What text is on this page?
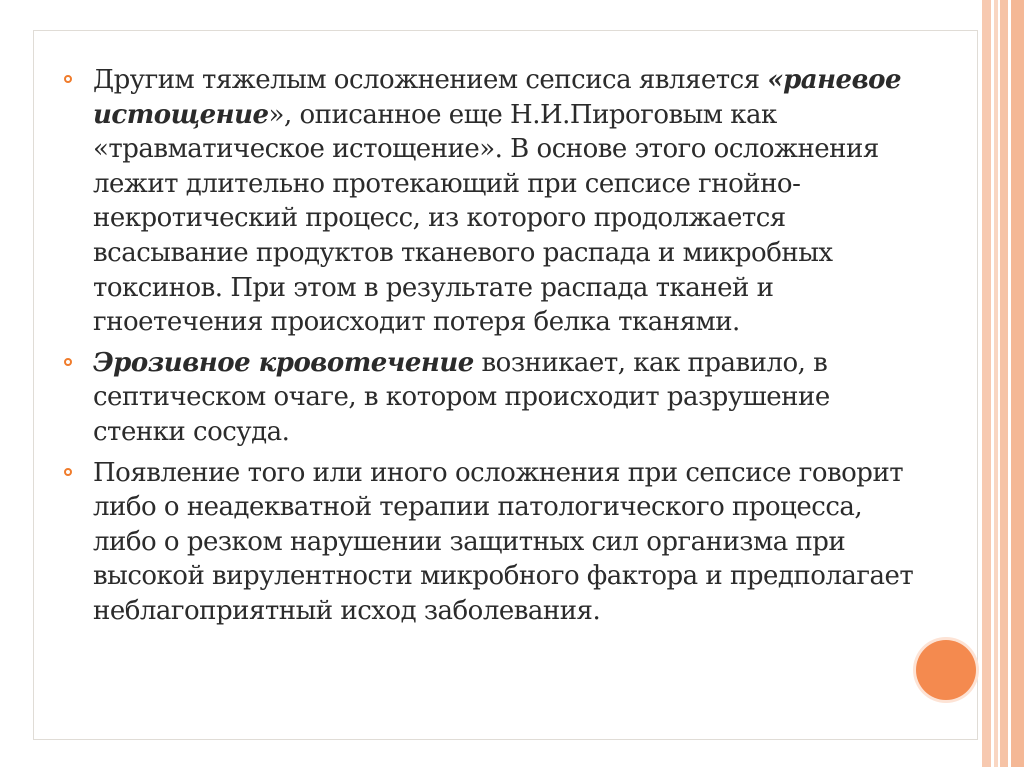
Другим тяжелым осложнением сепсиса является «раневое истощение», описанное еще Н.И.Пироговым как «травматическое истощение». В основе этого осложнения лежит длительно протекающий при сепсисе гнойно-некротический процесс, из которого продолжается всасывание продуктов тканевого распада и микробных токсинов. При этом в результате распада тканей и гноетечения происходит потеря белка тканями.
Эрозивное кровотечение возникает, как правило, в септическом очаге, в котором происходит разрушение стенки сосуда.
Появление того или иного осложнения при сепсисе говорит либо о неадекватной терапии патологического процесса, либо о резком нарушении защитных сил организма при высокой вирулентности микробного фактора и предполагает неблагоприятный исход заболевания.
